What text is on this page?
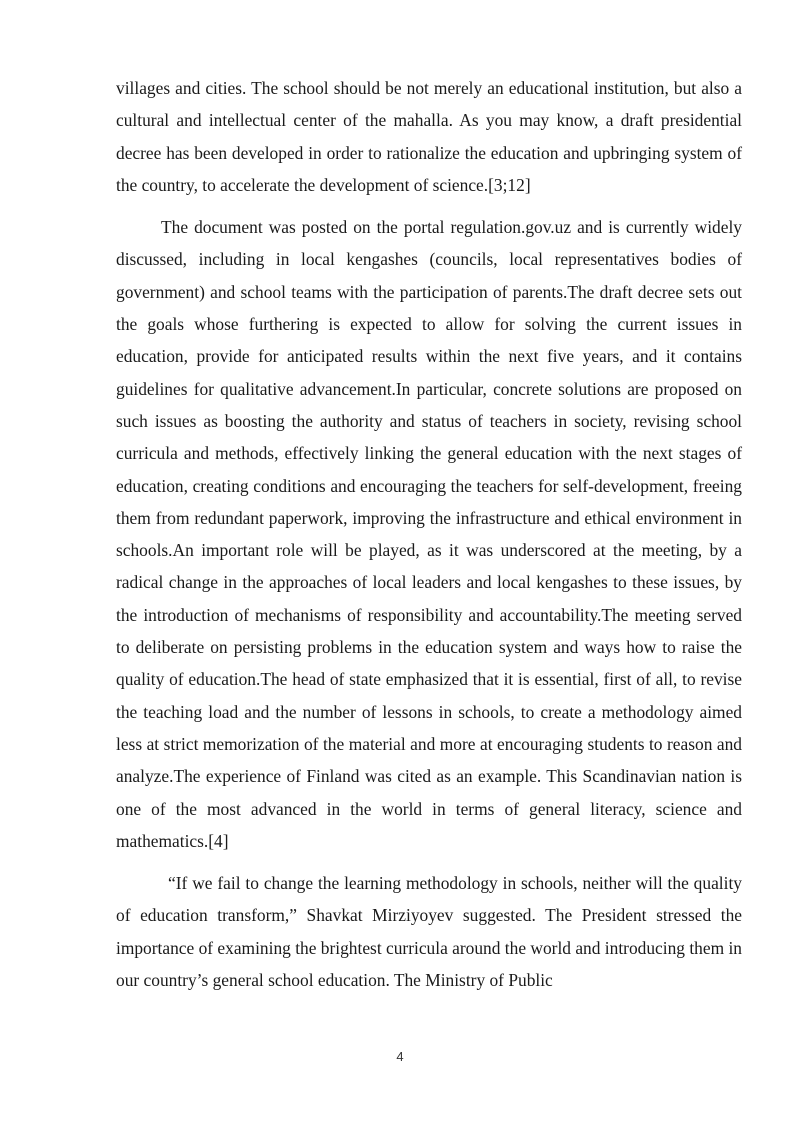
villages and cities. The school should be not merely an educational institution, but also a cultural and intellectual center of the mahalla. As you may know, a draft presidential decree has been developed in order to rationalize the education and upbringing system of the country, to accelerate the development of science.[3;12]

The document was posted on the portal regulation.gov.uz and is currently widely discussed, including in local kengashes (councils, local representatives bodies of government) and school teams with the participation of parents.The draft decree sets out the goals whose furthering is expected to allow for solving the current issues in education, provide for anticipated results within the next five years, and it contains guidelines for qualitative advancement.In particular, concrete solutions are proposed on such issues as boosting the authority and status of teachers in society, revising school curricula and methods, effectively linking the general education with the next stages of education, creating conditions and encouraging the teachers for self-development, freeing them from redundant paperwork, improving the infrastructure and ethical environment in schools.An important role will be played, as it was underscored at the meeting, by a radical change in the approaches of local leaders and local kengashes to these issues, by the introduction of mechanisms of responsibility and accountability.The meeting served to deliberate on persisting problems in the education system and ways how to raise the quality of education.The head of state emphasized that it is essential, first of all, to revise the teaching load and the number of lessons in schools, to create a methodology aimed less at strict memorization of the material and more at encouraging students to reason and analyze.The experience of Finland was cited as an example. This Scandinavian nation is one of the most advanced in the world in terms of general literacy, science and mathematics.[4]

“If we fail to change the learning methodology in schools, neither will the quality of education transform,” Shavkat Mirziyoyev suggested. The President stressed the importance of examining the brightest curricula around the world and introducing them in our country’s general school education. The Ministry of Public

4
